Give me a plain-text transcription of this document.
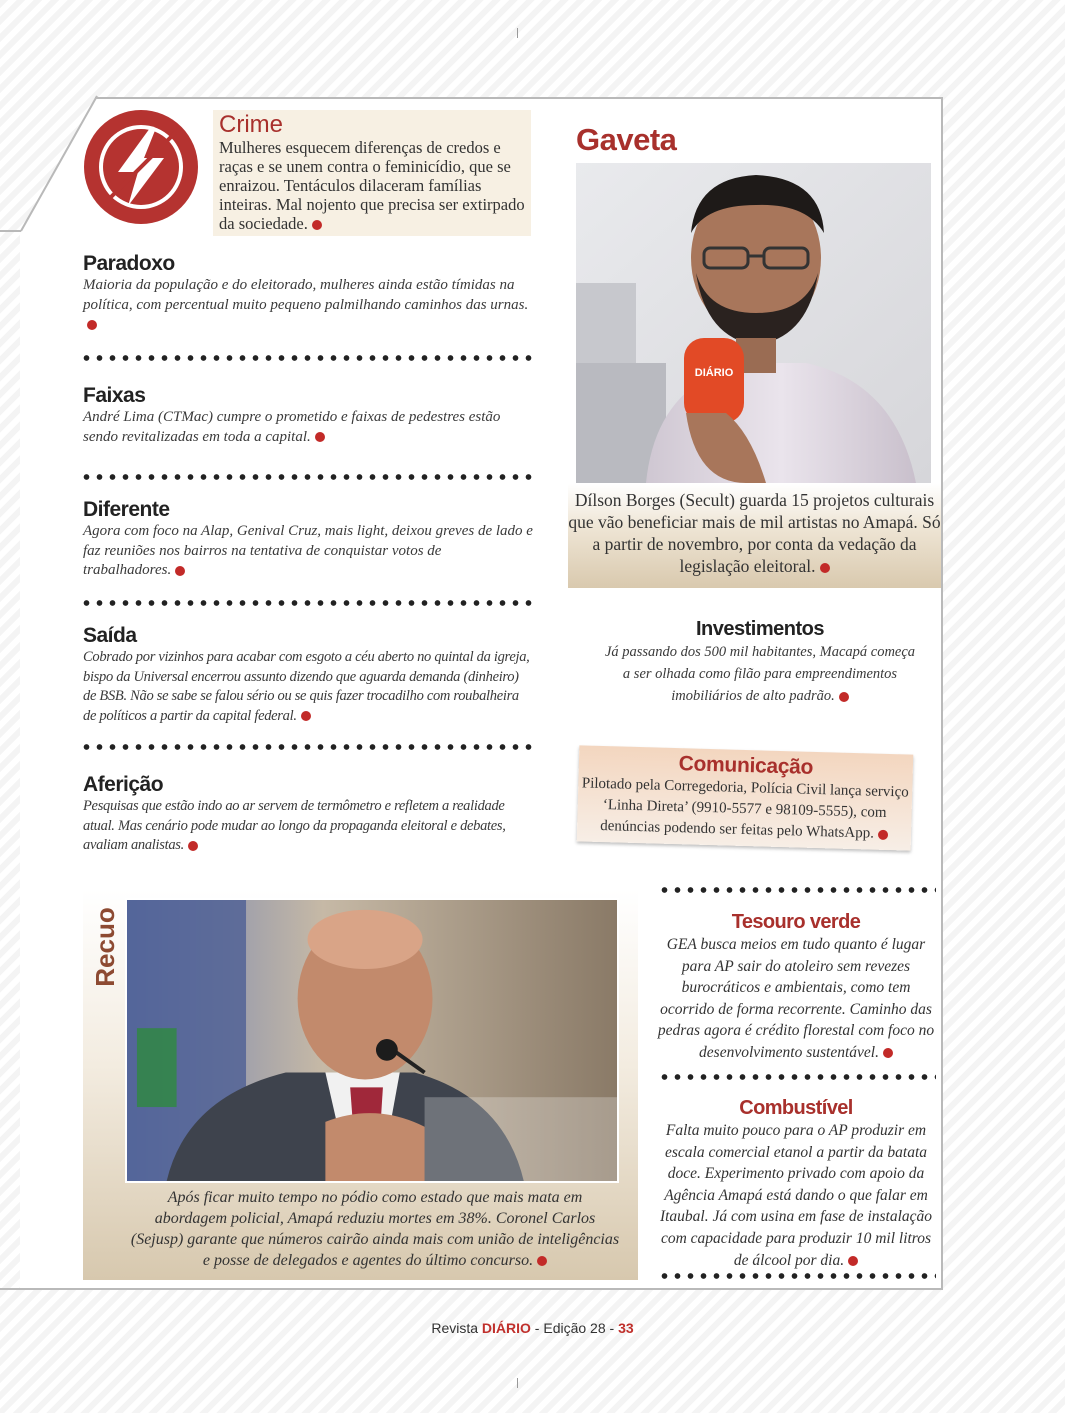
Crime
Mulheres esquecem diferenças de credos e raças e se unem contra o feminicídio, que se enraizou. Tentáculos dilaceram famílias inteiras. Mal nojento que precisa ser extirpado da sociedade.
Paradoxo

Maioria da população e do eleitorado, mulheres ainda estão tímidas na política, com percentual muito pequeno palmilhando caminhos das urnas.

Faixas

André Lima (CTMac) cumpre o prometido e faixas de pedestres estão sendo revitalizadas em toda a capital.

Diferente

Agora com foco na Alap, Genival Cruz, mais light, deixou greves de lado e faz reuniões nos bairros na tentativa de conquistar votos de trabalhadores.

Saída

Cobrado por vizinhos para acabar com esgoto a céu aberto no quintal da igreja, bispo da Universal encerrou assunto dizendo que aguarda demanda (dinheiro) de BSB. Não se sabe se falou sério ou se quis fazer trocadilho com roubalheira de políticos a partir da capital federal.

Aferição

Pesquisas que estão indo ao ar servem de termômetro e refletem a realidade atual. Mas cenário pode mudar ao longo da propaganda eleitoral e debates, avaliam analistas.

Gaveta
DIÁRIO
Dílson Borges (Secult) guarda 15 projetos culturais que vão beneficiar mais de mil artistas no Amapá. Só a partir de novembro, por conta da vedação da legislação eleitoral.
Investimentos

Já passando dos 500 mil habitantes, Macapá começa a ser olhada como filão para empreendimentos imobiliários de alto padrão.

Comunicação

Pilotado pela Corregedoria, Polícia Civil lança serviço ‘Linha Direta’ (9910-5577 e 98109-5555), com denúncias podendo ser feitas pelo WhatsApp.

Tesouro verde

GEA busca meios em tudo quanto é lugar para AP sair do atoleiro sem revezes burocráticos e ambientais, como tem ocorrido de forma recorrente. Caminho das pedras agora é crédito florestal com foco no desenvolvimento sustentável.

Combustível

Falta muito pouco para o AP produzir em escala comercial etanol a partir da batata doce. Experimento privado com apoio da Agência Amapá está dando o que falar em Itaubal. Já com usina em fase de instalação com capacidade para produzir 10 mil litros de álcool por dia.

Recuo
Após ficar muito tempo no pódio como estado que mais mata em abordagem policial, Amapá reduziu mortes em 38%. Coronel Carlos (Sejusp) garante que números cairão ainda mais com união de inteligências e posse de delegados e agentes do último concurso.
Revista DIÁRIO - Edição 28 - 33
